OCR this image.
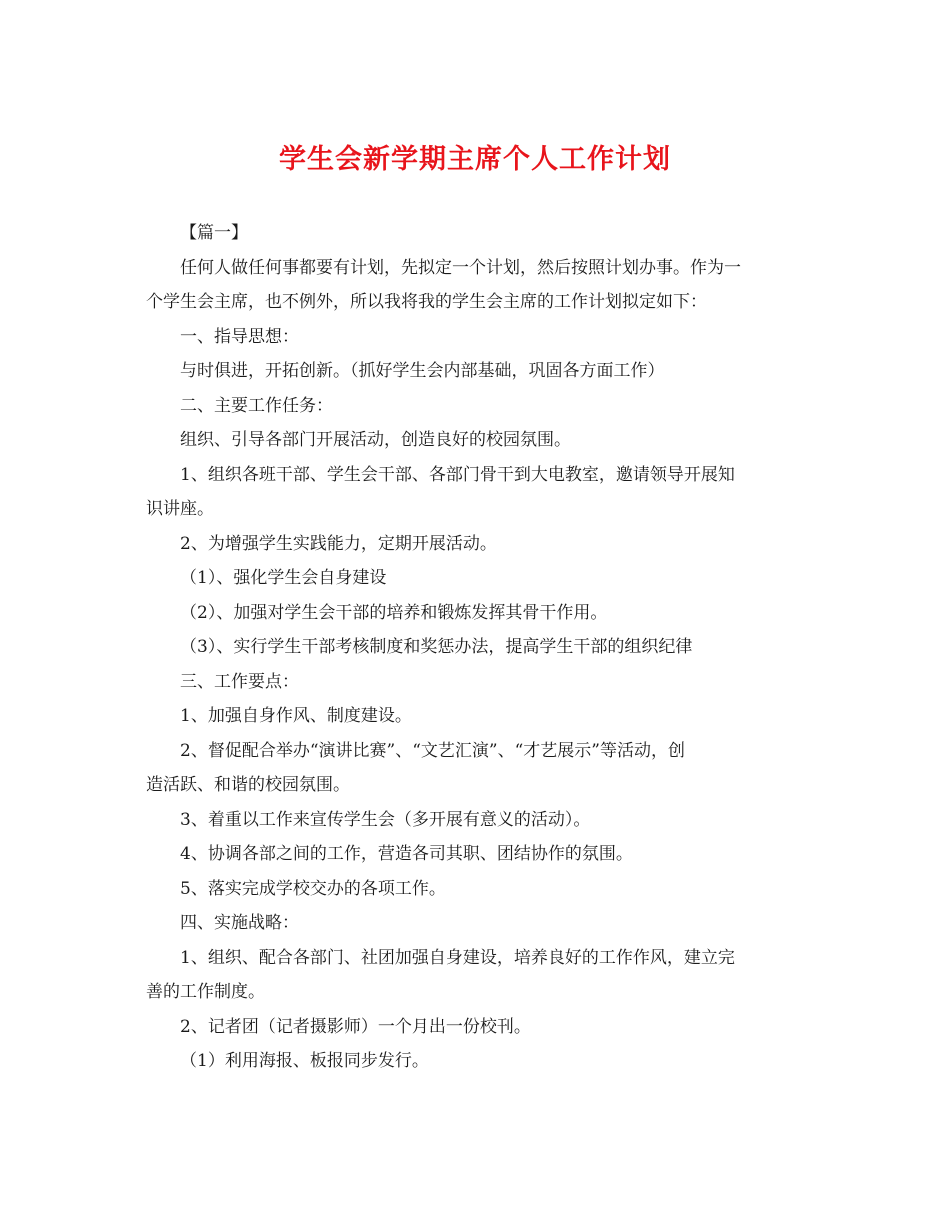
学生会新学期主席个人工作计划

【篇一】

任何人做任何事都要有计划，先拟定一个计划，然后按照计划办事。作为一

个学生会主席，也不例外，所以我将我的学生会主席的工作计划拟定如下：

一、指导思想：

与时俱进，开拓创新。（抓好学生会内部基础，巩固各方面工作）

二、主要工作任务：

组织、引导各部门开展活动，创造良好的校园氛围。

1、组织各班干部、学生会干部、各部门骨干到大电教室，邀请领导开展知

识讲座。

2、为增强学生实践能力，定期开展活动。

（1）、强化学生会自身建设

（2）、加强对学生会干部的培养和锻炼发挥其骨干作用。

（3）、实行学生干部考核制度和奖惩办法，提高学生干部的组织纪律

三、工作要点：

1、加强自身作风、制度建设。

2、督促配合举办“演讲比赛”、“文艺汇演”、“才艺展示”等活动，创

造活跃、和谐的校园氛围。

3、着重以工作来宣传学生会（多开展有意义的活动）。

4、协调各部之间的工作，营造各司其职、团结协作的氛围。

5、落实完成学校交办的各项工作。

四、实施战略：

1、组织、配合各部门、社团加强自身建设，培养良好的工作作风，建立完

善的工作制度。

2、记者团（记者摄影师）一个月出一份校刊。

（1）利用海报、板报同步发行。
